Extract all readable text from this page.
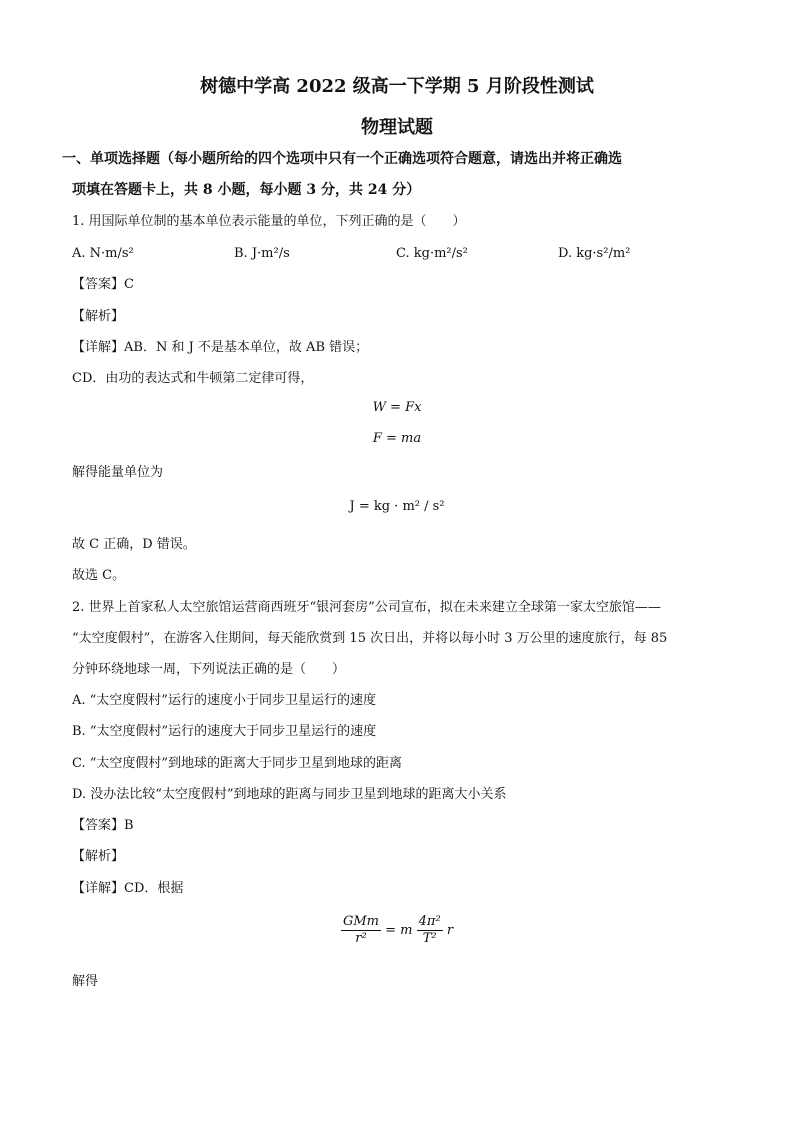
树德中学高 2022 级高一下学期 5 月阶段性测试
物理试题
一、单项选择题（每小题所给的四个选项中只有一个正确选项符合题意，请选出并将正确选
项填在答题卡上，共 8 小题，每小题 3 分，共 24 分）
1. 用国际单位制的基本单位表示能量的单位，下列正确的是（　　）
A. N·m/s²	B. J·m²/s	C. kg·m²/s²	D. kg·s²/m²
【答案】C
【解析】
【详解】AB．N 和 J 不是基本单位，故 AB 错误；
CD．由功的表达式和牛顿第二定律可得，
W = Fx
F = ma
解得能量单位为
J = kg · m² / s²
故 C 正确，D 错误。
故选 C。
2. 世界上首家私人太空旅馆运营商西班牙“银河套房”公司宣布，拟在未来建立全球第一家太空旅馆——
“太空度假村”，在游客入住期间，每天能欣赏到 15 次日出，并将以每小时 3 万公里的速度旅行，每 85
分钟环绕地球一周，下列说法正确的是（　　）
A. “太空度假村”运行的速度小于同步卫星运行的速度
B. “太空度假村”运行的速度大于同步卫星运行的速度
C. “太空度假村”到地球的距离大于同步卫星到地球的距离
D. 没办法比较“太空度假村”到地球的距离与同步卫星到地球的距离大小关系
【答案】B
【解析】
【详解】CD．根据
$\frac{\text{GMm}}{\text{r²}} = m \frac{\text{4π²}}{\text{T²}}$ r
解得
